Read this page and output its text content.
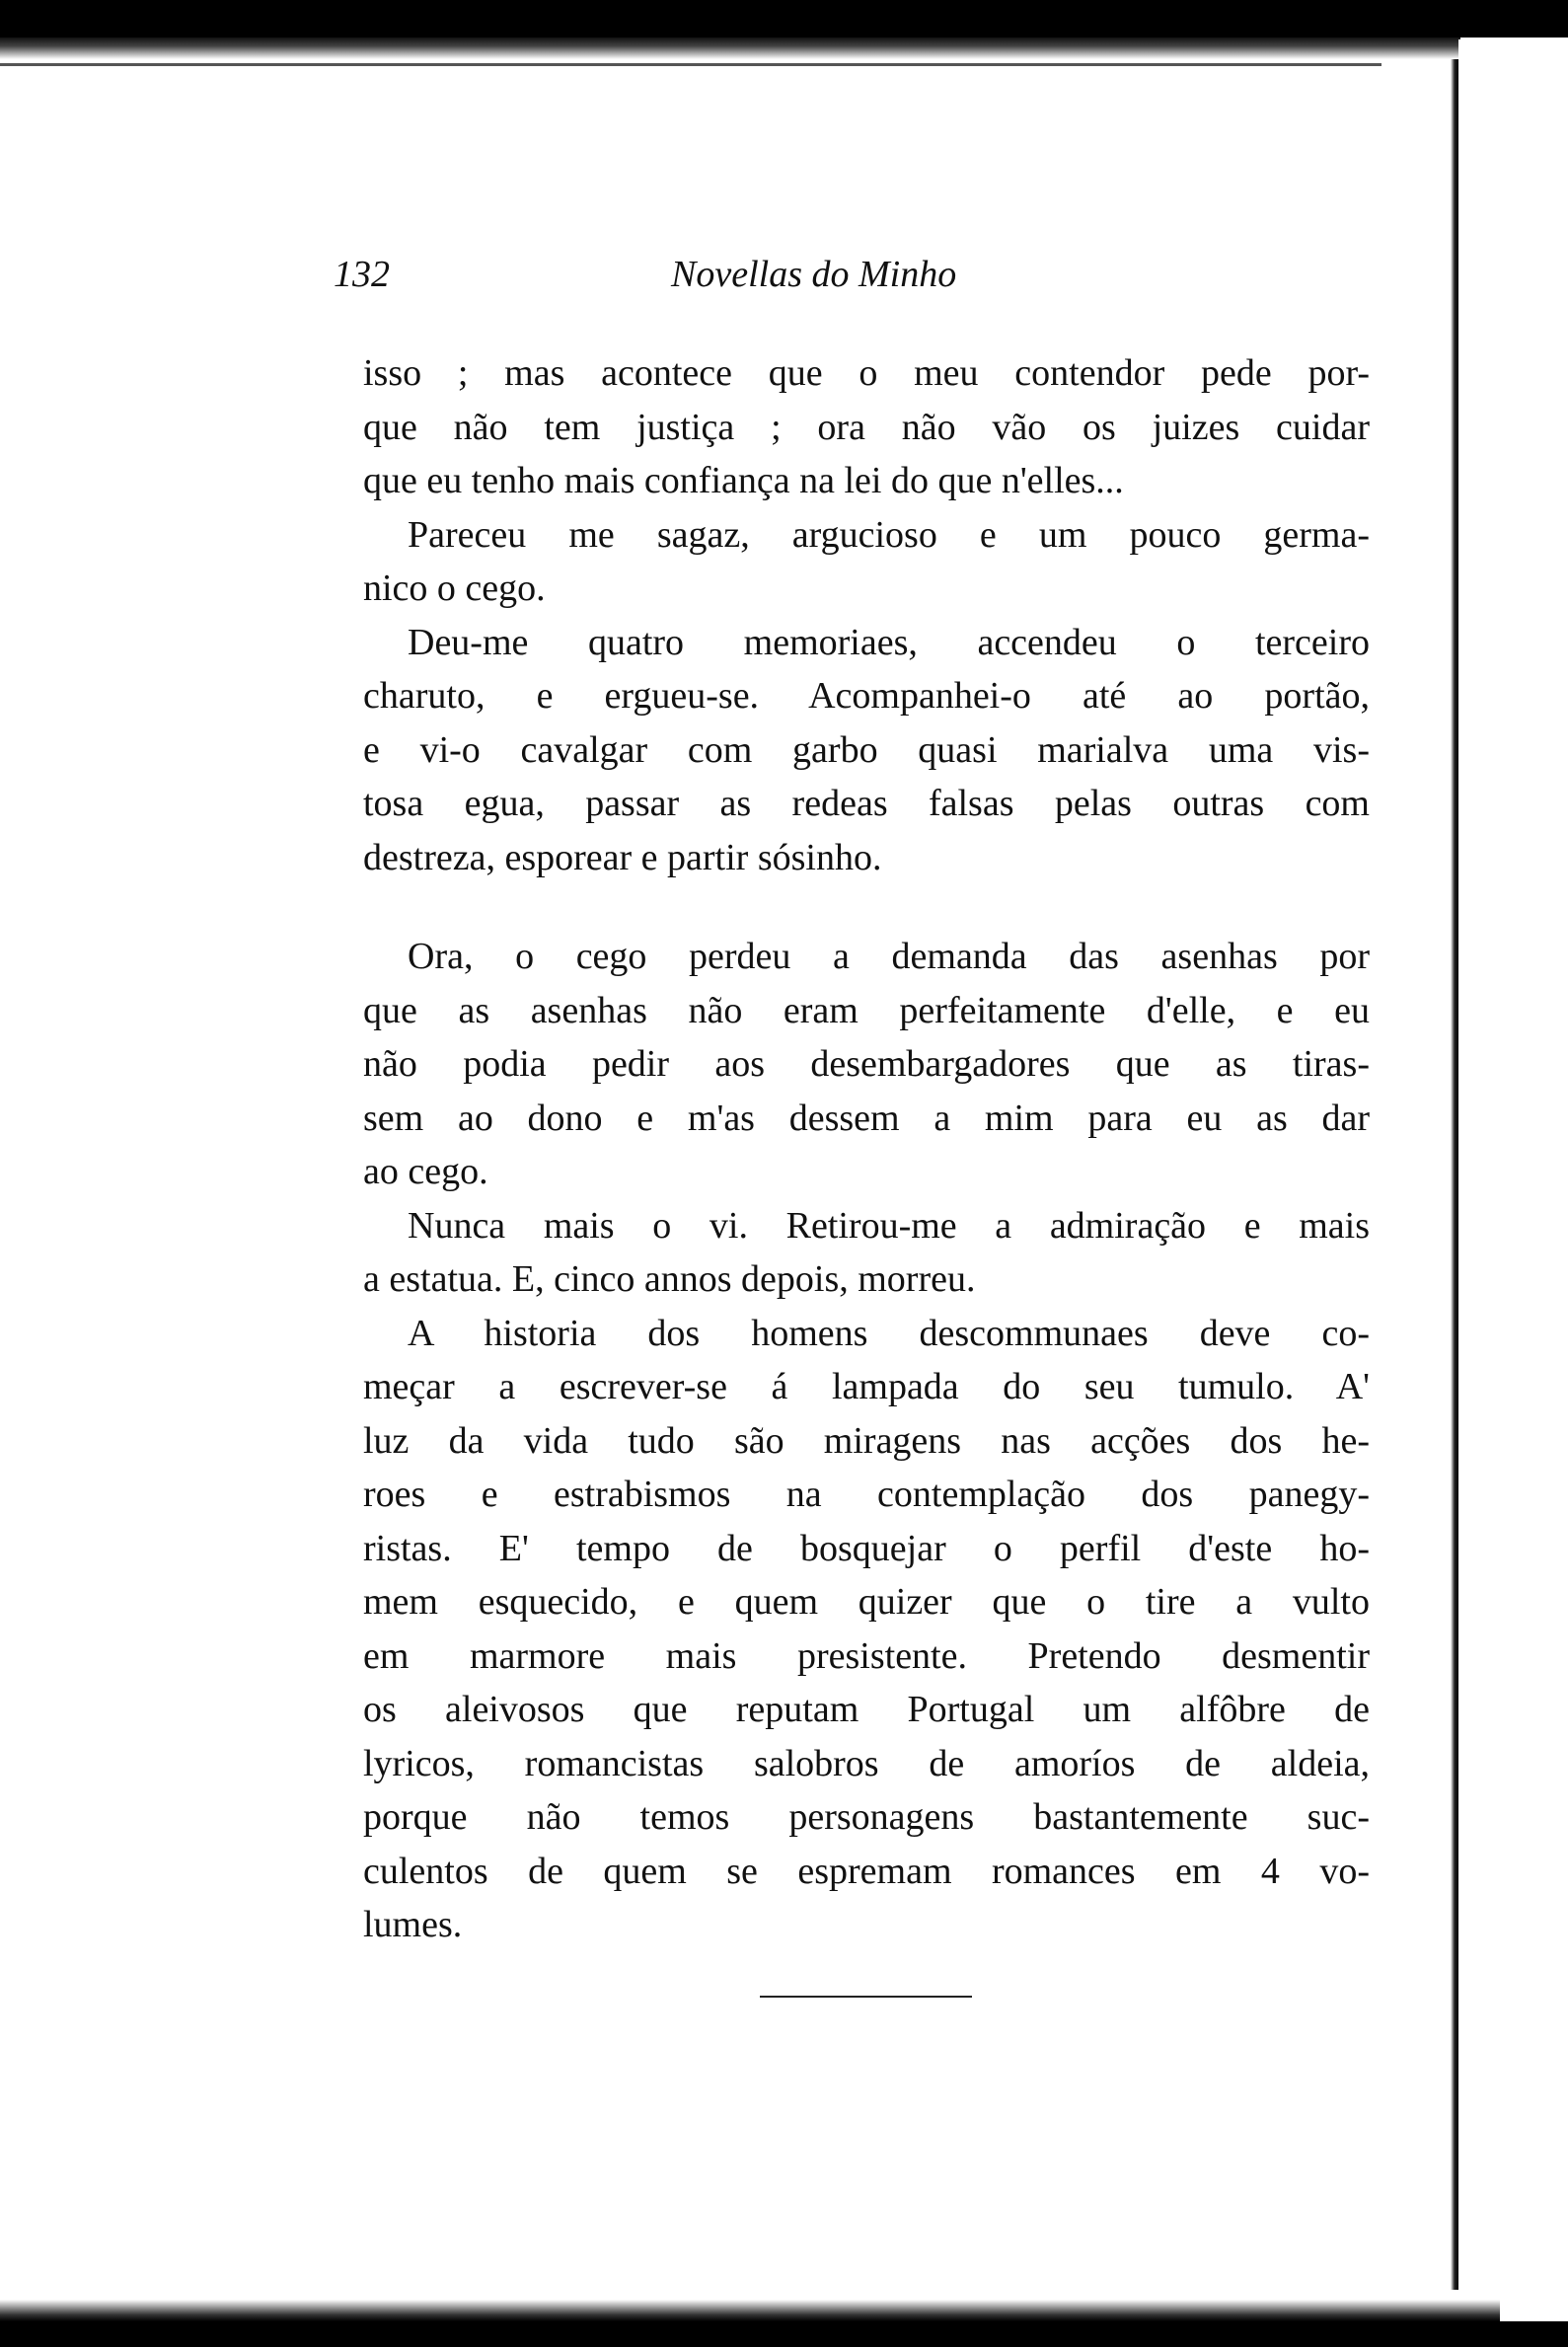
132	Novellas do Minho
isso ; mas acontece que o meu contendor pede por-
que não tem justiça ; ora não vão os juizes cuidar
que eu tenho mais confiança na lei do que n'elles...
Pareceu me sagaz, argucioso e um pouco germa-
nico o cego.
Deu-me quatro memoriaes, accendeu o terceiro
charuto, e ergueu-se. Acompanhei-o até ao portão,
e vi-o cavalgar com garbo quasi marialva uma vis-
tosa egua, passar as redeas falsas pelas outras com
destreza, esporear e partir sósinho.
Ora, o cego perdeu a demanda das asenhas por
que as asenhas não eram perfeitamente d'elle, e eu
não podia pedir aos desembargadores que as tiras-
sem ao dono e m'as dessem a mim para eu as dar
ao cego.
Nunca mais o vi. Retirou-me a admiração e mais
a estatua. E, cinco annos depois, morreu.
A historia dos homens descommunaes deve co-
meçar a escrever-se á lampada do seu tumulo. A'
luz da vida tudo são miragens nas acções dos he-
roes e estrabismos na contemplação dos panegy-
ristas. E' tempo de bosquejar o perfil d'este ho-
mem esquecido, e quem quizer que o tire a vulto
em marmore mais presistente. Pretendo desmentir
os aleivosos que reputam Portugal um alfôbre de
lyricos, romancistas salobros de amoríos de aldeia,
porque não temos personagens bastantemente suc-
culentos de quem se espremam romances em 4 vo-
lumes.
